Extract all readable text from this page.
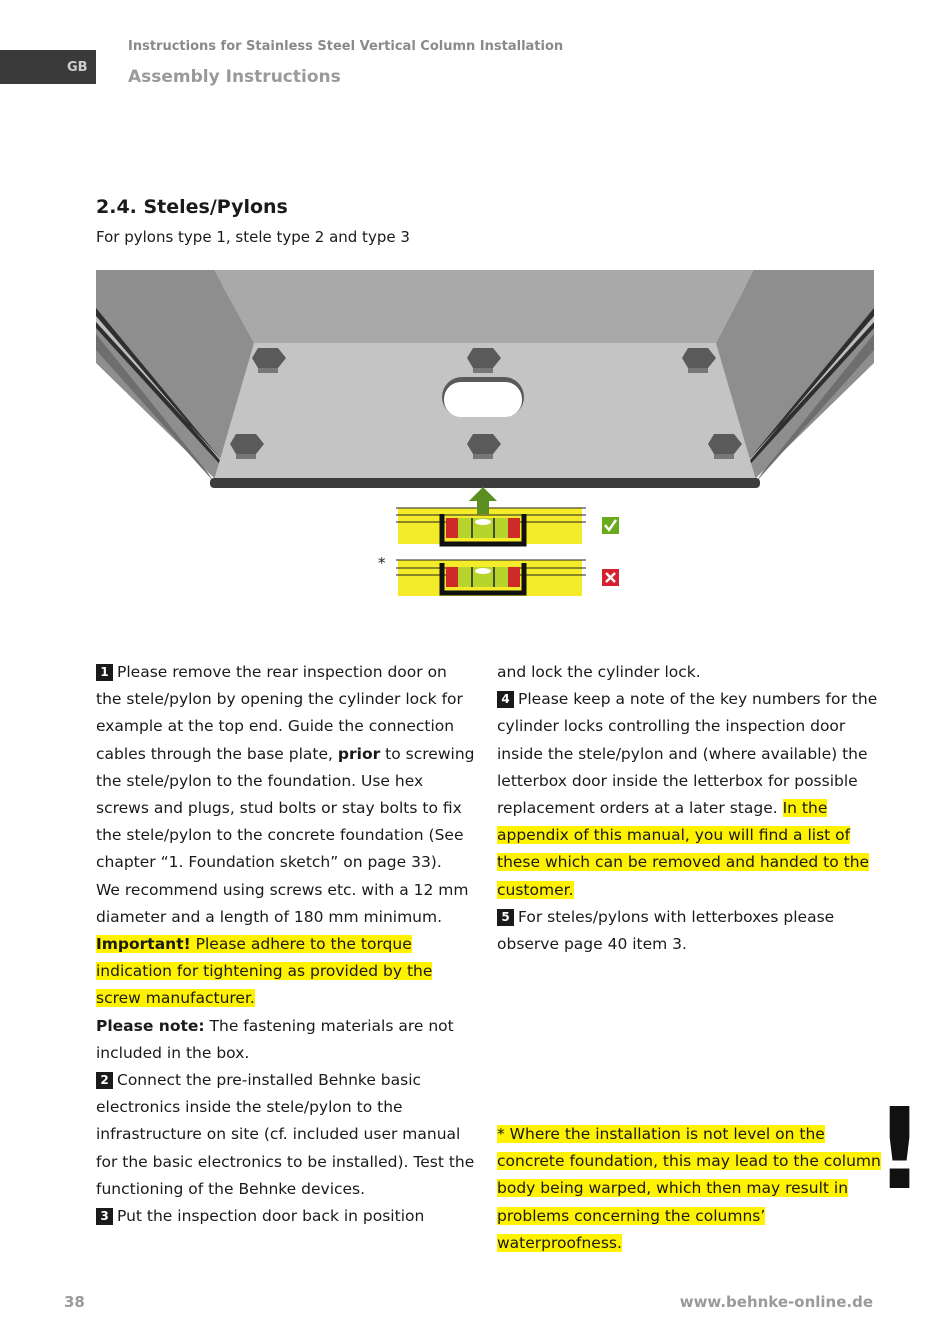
GB
Instructions for Stainless Steel Vertical Column Installation
Assembly Instructions
2.4. Steles/Pylons
For pylons type 1, stele type 2 and type 3
*

1 Please remove the rear inspection door on the stele/pylon by opening the cylinder lock for example at the top end. Guide the connection cables through the base plate, prior to screwing the stele/pylon to the foundation. Use hex screws and plugs, stud bolts or stay bolts to fix the stele/pylon to the concrete foundation (See chapter “1. Foundation sketch” on page 33).

We recommend using screws etc. with a 12 mm diameter and a length of 180 mm minimum.

Important! Please adhere to the torque indication for tightening as provided by the screw manufacturer.

Please note: The fastening materials are not included in the box.

2 Connect the pre-installed Behnke basic electronics inside the stele/pylon to the infrastructure on site (cf. included user manual for the basic electronics to be installed). Test the functioning of the Behnke devices.

3 Put the inspection door back in position

and lock the cylinder lock.

4 Please keep a note of the key numbers for the cylinder locks controlling the inspection door inside the stele/pylon and (where available) the letterbox door inside the letterbox for possible replacement orders at a later stage. In the appendix of this manual, you will find a list of these which can be removed and handed to the customer.

5 For steles/pylons with letterboxes please observe page 40 item 3.

* Where the installation is not level on the concrete foundation, this may lead to the column body being warped, which then may result in problems concerning the columns’ waterproofness.
!
38	www.behnke-online.de
